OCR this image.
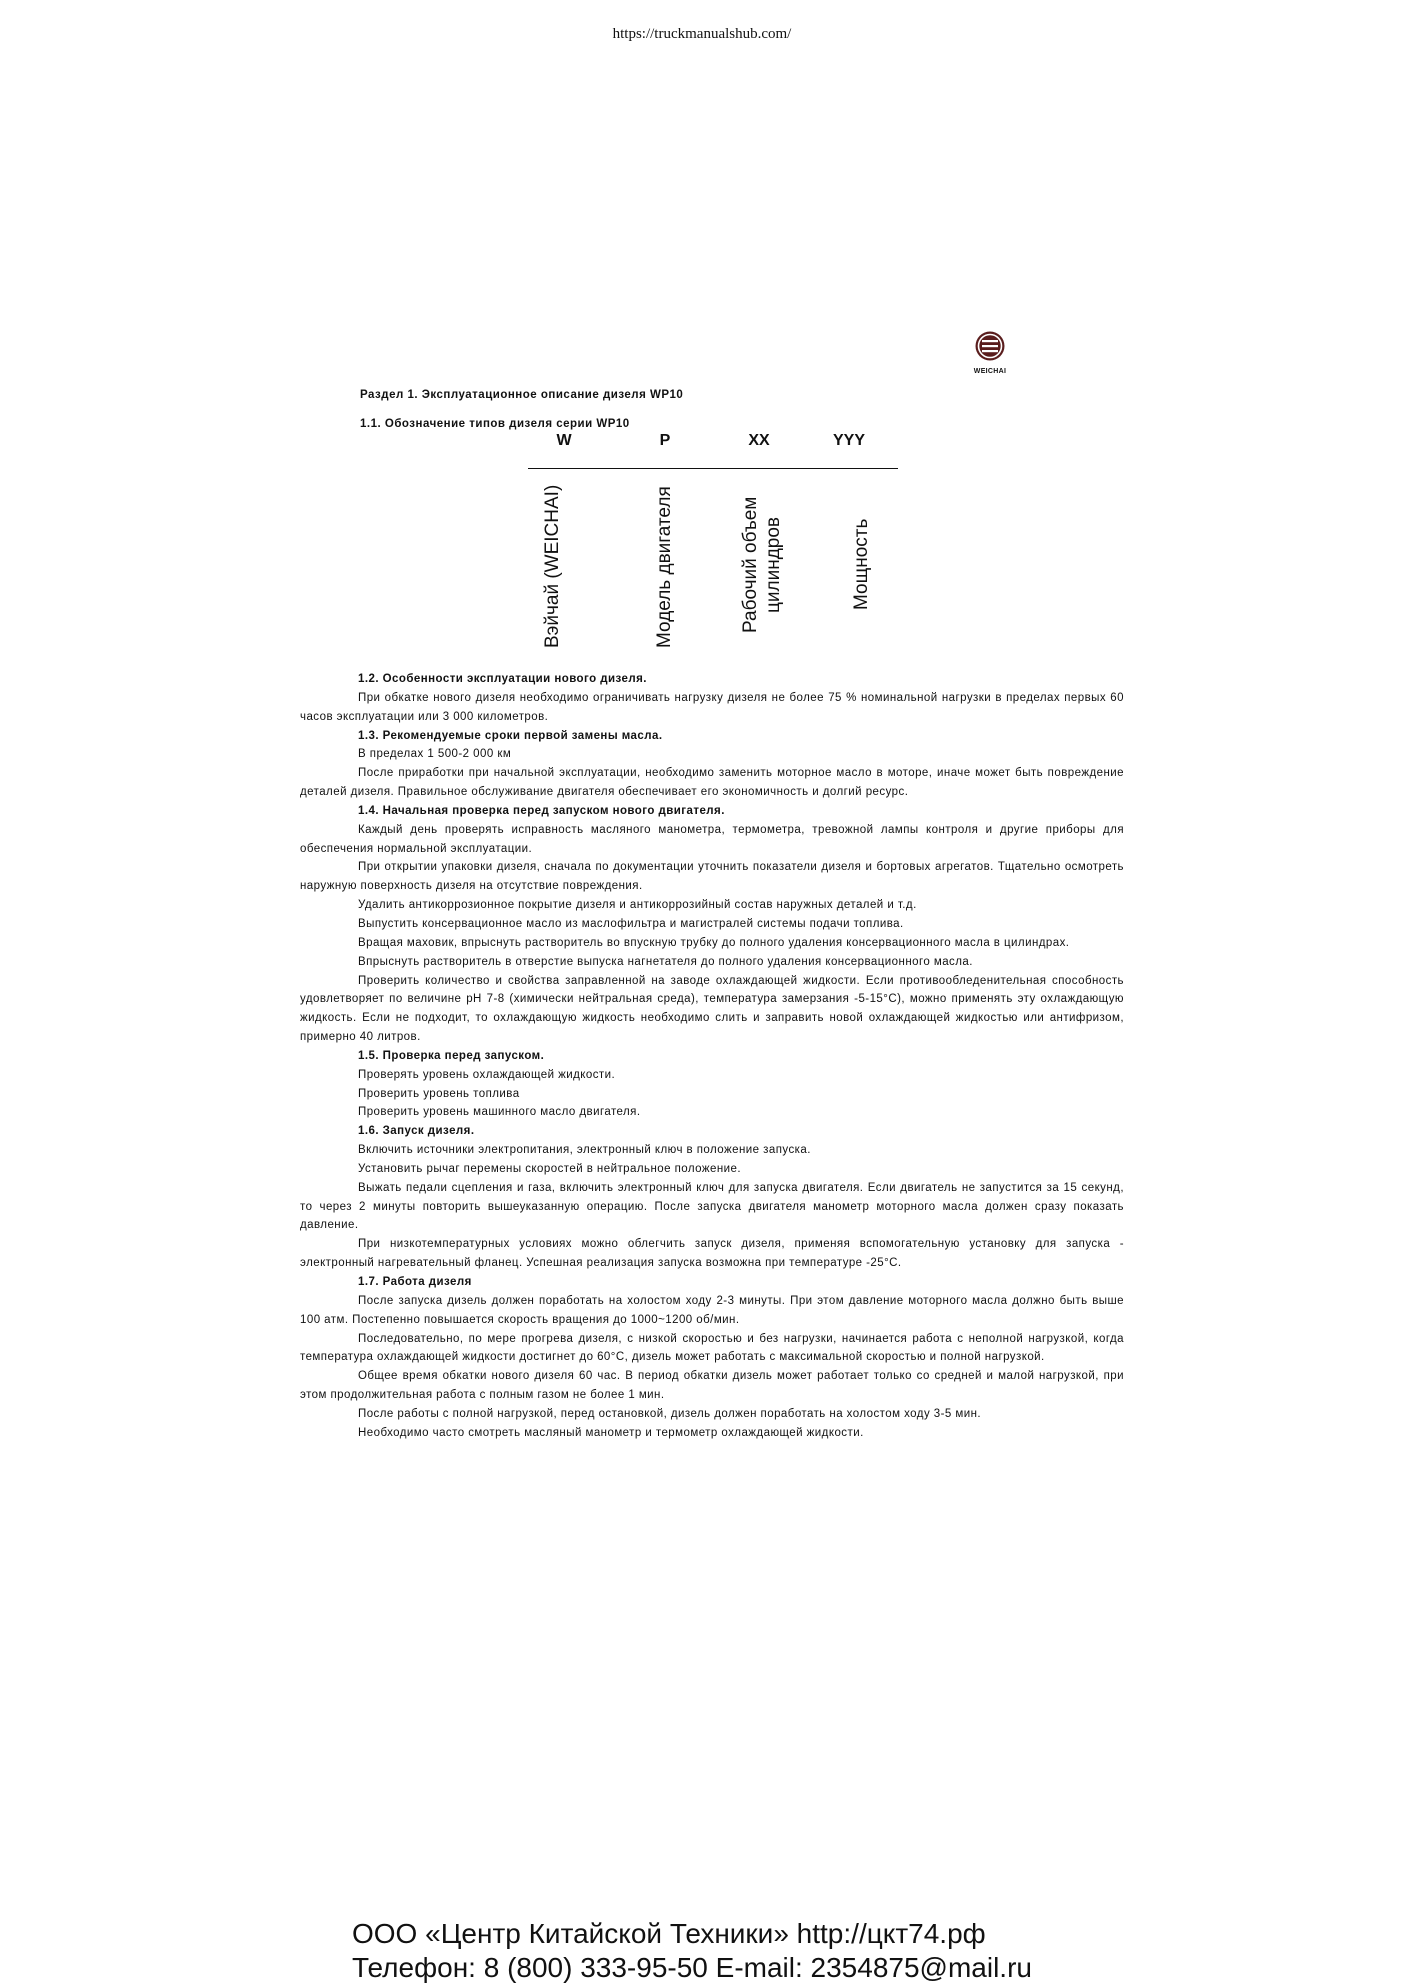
https://truckmanualshub.com/
WEICHAI
Раздел 1. Эксплуатационное описание дизеля WP10
1.1. Обозначение типов дизеля серии WP10
W	P	XX	YYY
Вэйчай (WEICHAI)	Модель двигателя	Рабочий объем цилиндров	Мощность

1.2. Особенности эксплуатации нового дизеля.

При обкатке нового дизеля необходимо ограничивать нагрузку дизеля не более 75 % номинальной нагрузки в пределах первых 60 часов эксплуатации или 3 000 километров.

1.3. Рекомендуемые сроки первой замены масла.

В пределах 1 500-2 000 км

После приработки при начальной эксплуатации, необходимо заменить моторное масло в моторе, иначе может быть повреждение деталей дизеля. Правильное обслуживание двигателя обеспечивает его экономичность и долгий ресурс.

1.4. Начальная проверка перед запуском нового двигателя.

Каждый день проверять исправность масляного манометра, термометра, тревожной лампы контроля и другие приборы для обеспечения нормальной эксплуатации.

При открытии упаковки дизеля, сначала по документации уточнить показатели дизеля и бортовых агрегатов. Тщательно осмотреть наружную поверхность дизеля на отсутствие повреждения.

Удалить антикоррозионное покрытие дизеля и антикоррозийный состав наружных деталей и т.д.

Выпустить консервационное масло из маслофильтра и магистралей системы подачи топлива.

Вращая маховик, впрыснуть растворитель во впускную трубку до полного удаления консервационного масла в цилиндрах.

Впрыснуть растворитель в отверстие выпуска нагнетателя до полного удаления консервационного масла.

Проверить количество и свойства заправленной на заводе охлаждающей жидкости. Если противообледенительная способность удовлетворяет по величине pH 7-8 (химически нейтральная среда), температура замерзания -5-15°C), можно применять эту охлаждающую жидкость. Если не подходит, то охлаждающую жидкость необходимо слить и заправить новой охлаждающей жидкостью или антифризом, примерно 40 литров.

1.5. Проверка перед запуском.

Проверять уровень охлаждающей жидкости.

Проверить уровень топлива

Проверить уровень машинного масло двигателя.

1.6. Запуск дизеля.

Включить источники электропитания, электронный ключ в положение запуска.

Установить рычаг перемены скоростей в нейтральное положение.

Выжать педали сцепления и газа, включить электронный ключ для запуска двигателя. Если двигатель не запустится за 15 секунд, то через 2 минуты повторить вышеуказанную операцию. После запуска двигателя манометр моторного масла должен сразу показать давление.

При низкотемпературных условиях можно облегчить запуск дизеля, применяя вспомогательную установку для запуска - электронный нагревательный фланец. Успешная реализация запуска возможна при температуре -25°C.

1.7. Работа дизеля

После запуска дизель должен поработать на холостом ходу 2-3 минуты. При этом давление моторного масла должно быть выше 100 атм. Постепенно повышается скорость вращения до 1000~1200 об/мин.

Последовательно, по мере прогрева дизеля, с низкой скоростью и без нагрузки, начинается работа с неполной нагрузкой, когда температура охлаждающей жидкости достигнет до 60°C, дизель может работать с максимальной скоростью и полной нагрузкой.

Общее время обкатки нового дизеля 60 час. В период обкатки дизель может работает только со средней и малой нагрузкой, при этом продолжительная работа с полным газом не более 1 мин.

После работы с полной нагрузкой, перед остановкой, дизель должен поработать на холостом ходу 3-5 мин.

Необходимо часто смотреть масляный манометр и термометр охлаждающей жидкости.

ООО «Центр Китайской Техники» http://цкт74.рф
Телефон: 8 (800) 333-95-50 E-mail: 2354875@mail.ru
